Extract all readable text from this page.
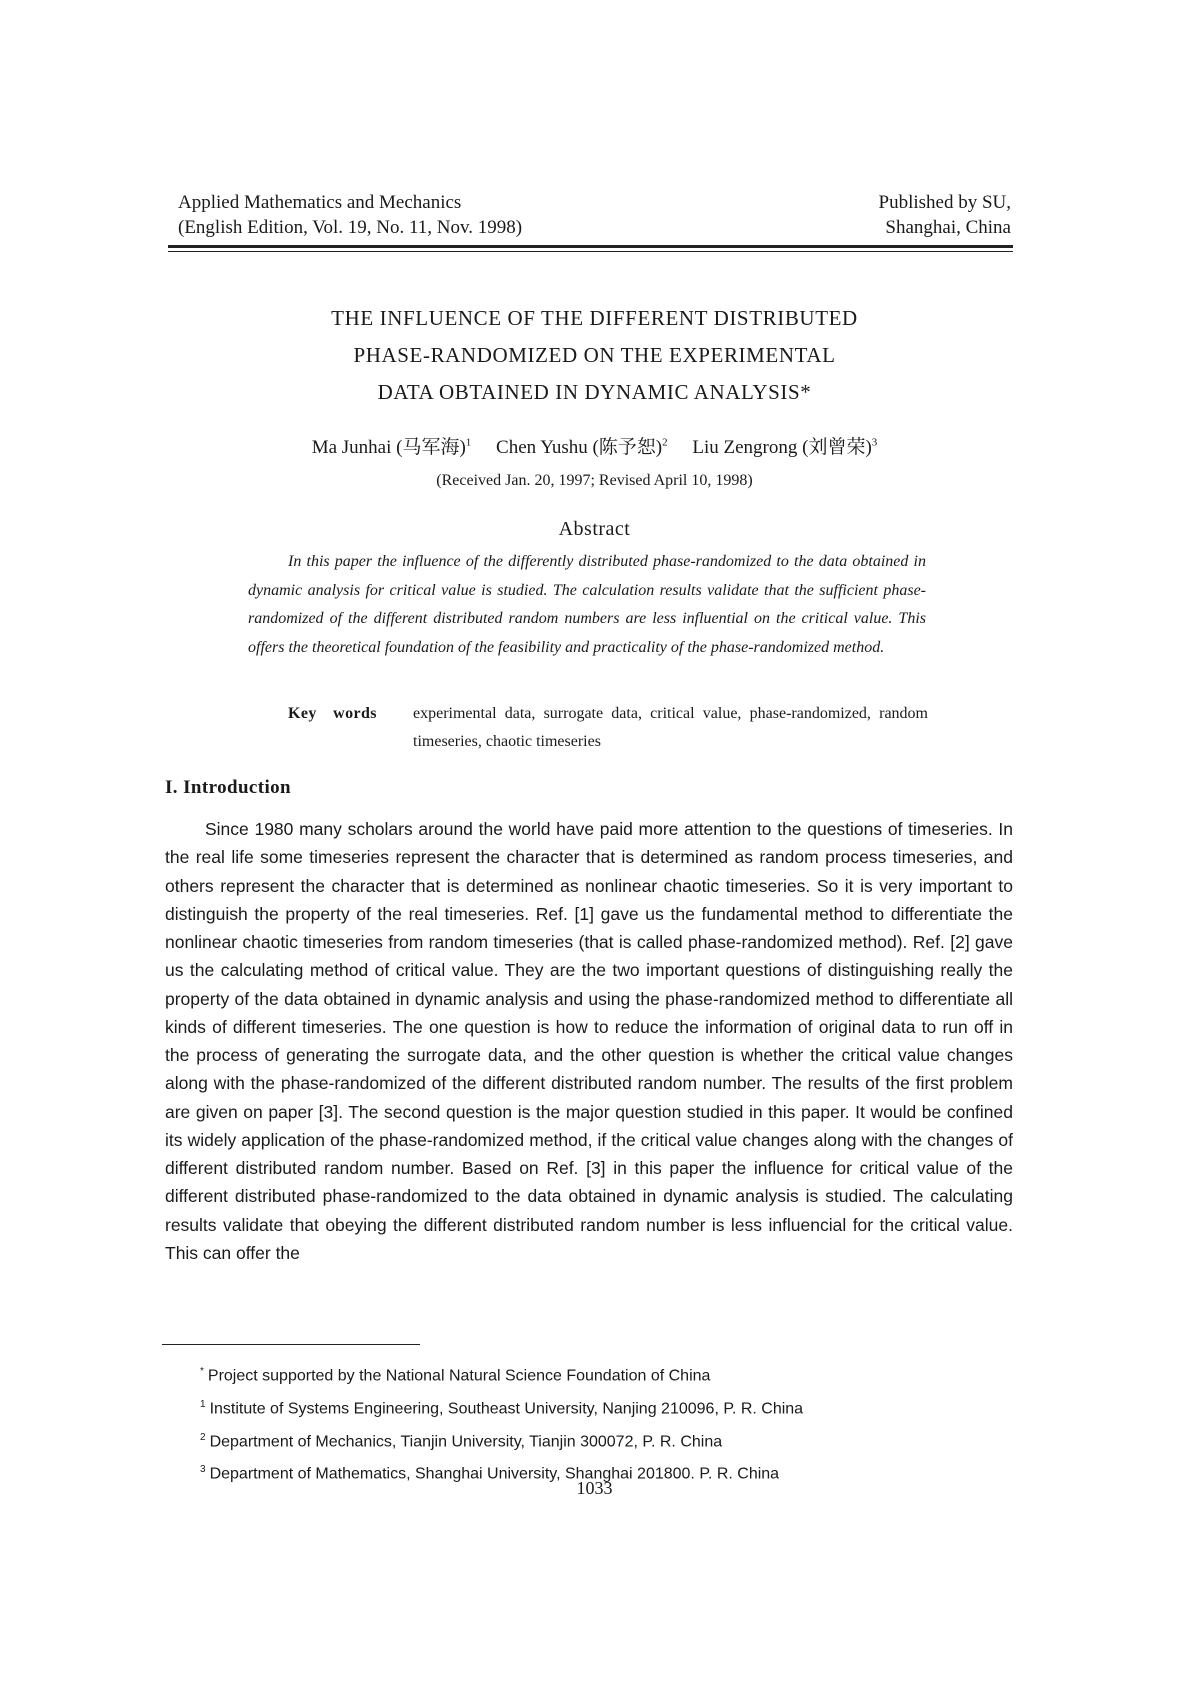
Applied Mathematics and Mechanics
(English Edition, Vol. 19, No. 11, Nov. 1998)
Published by SU,
Shanghai, China
THE INFLUENCE OF THE DIFFERENT DISTRIBUTED
PHASE-RANDOMIZED ON THE EXPERIMENTAL
DATA OBTAINED IN DYNAMIC ANALYSIS*
Ma Junhai (马军海)$^1$ Chen Yushu (陈予恕)$^2$ Liu Zengrong (刘曾荣)$^3$
(Received Jan. 20, 1997; Revised April 10, 1998)
Abstract
In this paper the influence of the differently distributed phase-randomized to the data obtained in dynamic analysis for critical value is studied. The calculation results validate that the sufficient phase-randomized of the different distributed random numbers are less influential on the critical value. This offers the theoretical foundation of the feasibility and practicality of the phase-randomized method.
Key words experimental data, surrogate data, critical value, phase-randomized, random timeseries, chaotic timeseries
I. Introduction
Since 1980 many scholars around the world have paid more attention to the questions of timeseries. In the real life some timeseries represent the character that is determined as random process timeseries, and others represent the character that is determined as nonlinear chaotic timeseries. So it is very important to distinguish the property of the real timeseries. Ref. [1] gave us the fundamental method to differentiate the nonlinear chaotic timeseries from random timeseries (that is called phase-randomized method). Ref. [2] gave us the calculating method of critical value. They are the two important questions of distinguishing really the property of the data obtained in dynamic analysis and using the phase-randomized method to differentiate all kinds of different timeseries. The one question is how to reduce the information of original data to run off in the process of generating the surrogate data, and the other question is whether the critical value changes along with the phase-randomized of the different distributed random number. The results of the first problem are given on paper [3]. The second question is the major question studied in this paper. It would be confined its widely application of the phase-randomized method, if the critical value changes along with the changes of different distributed random number. Based on Ref. [3] in this paper the influence for critical value of the different distributed phase-randomized to the data obtained in dynamic analysis is studied. The calculating results validate that obeying the different distributed random number is less influencial for the critical value. This can offer the
* Project supported by the National Natural Science Foundation of China
$^1$ Institute of Systems Engineering, Southeast University, Nanjing 210096, P. R. China
$^2$ Department of Mechanics, Tianjin University, Tianjin 300072, P. R. China
$^3$ Department of Mathematics, Shanghai University, Shanghai 201800. P. R. China
1033
